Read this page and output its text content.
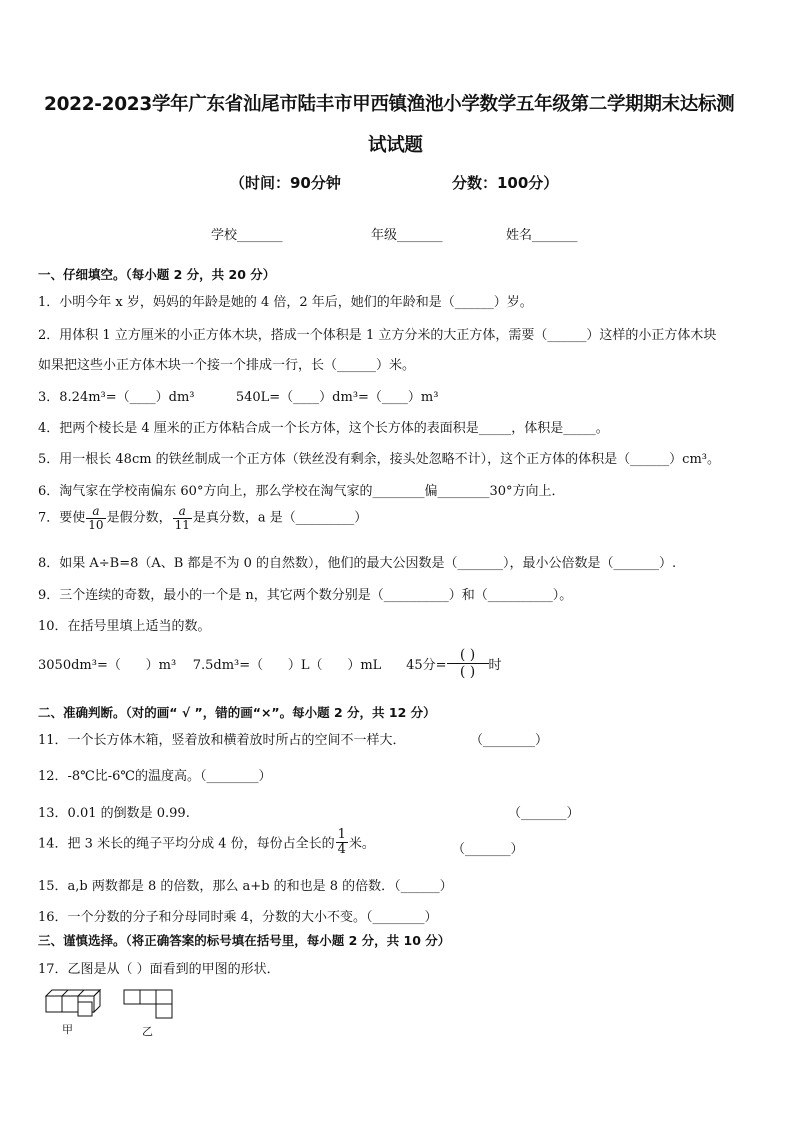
2022-2023学年广东省汕尾市陆丰市甲西镇渔池小学数学五年级第二学期期末达标测
试试题
（时间：90分钟	分数：100分）
学校_______	年级_______	姓名_______
一、仔细填空。（每小题 2 分，共 20 分）
1．小明今年 x 岁，妈妈的年龄是她的 4 倍，2 年后，她们的年龄和是（______）岁。
2．用体积 1 立方厘米的小正方体木块，搭成一个体积是 1 立方分米的大正方体，需要（______）这样的小正方体木块
如果把这些小正方体木块一个接一个排成一行，长（______）米。
3．8.24m³=（____）dm³          540L=（____）dm³=（____）m³
4．把两个棱长是 4 厘米的正方体粘合成一个长方体，这个长方体的表面积是_____，体积是_____。
5．用一根长 48cm 的铁丝制成一个正方体（铁丝没有剩余，接头处忽略不计），这个正方体的体积是（______）cm³。
6．淘气家在学校南偏东 60°方向上，那么学校在淘气家的________偏________30°方向上．
7．要使 $\frac{a}{10}$ 是假分数， $\frac{a}{11}$ 是真分数，a 是（_________）
8．如果 A÷B=8（A、B 都是不为 0 的自然数），他们的最大公因数是（_______），最小公倍数是（_______）.
9．三个连续的奇数，最小的一个是 n，其它两个数分别是（__________）和（__________）。
10．在括号里填上适当的数。
3050dm³=（      ）m³    7.5dm³=（      ）L（      ）mL      45分= $\frac{( )}{( )}$ 时
二、准确判断。（对的画“ √ ”，错的画“×”。每小题 2 分，共 12 分）
11．一个长方体木箱，竖着放和横着放时所占的空间不一样大．	（________）
12．-8℃比-6℃的温度高。（________）
13．0.01 的倒数是 0.99.	（_______）
14．把 3 米长的绳子平均分成 4 份，每份占全长的 $\frac{1}{4}$ 米。	（_______）
15．a,b 两数都是 8 的倍数，那么 a+b 的和也是 8 的倍数．（______）
16．一个分数的分子和分母同时乘 4，分数的大小不变。（________）
三、谨慎选择。（将正确答案的标号填在括号里，每小题 2 分，共 10 分）
17．乙图是从（ ）面看到的甲图的形状．
甲	乙
